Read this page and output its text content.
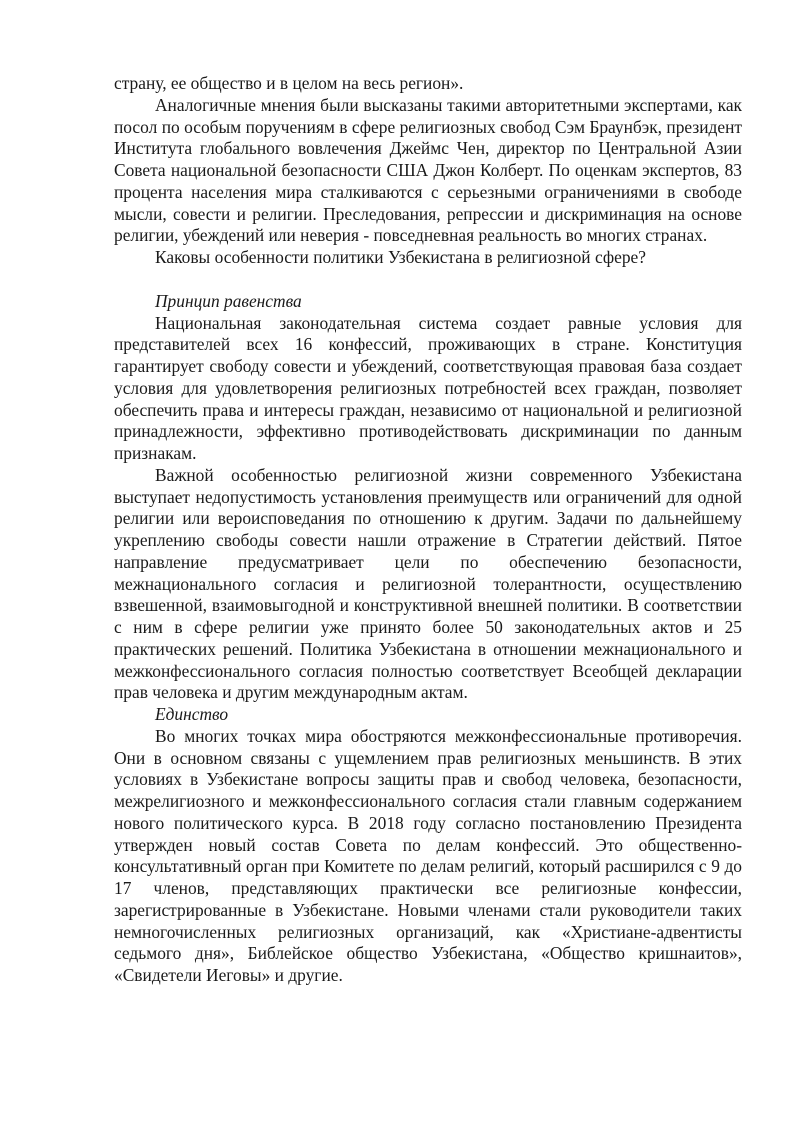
страну, ее общество и в целом на весь регион».

Аналогичные мнения были высказаны такими авторитетными экспертами, как посол по особым поручениям в сфере религиозных свобод Сэм Браунбэк, президент Института глобального вовлечения Джеймс Чен, директор по Центральной Азии Совета национальной безопасности США Джон Колберт. По оценкам экспертов, 83 процента населения мира сталкиваются с серьезными ограничениями в свободе мысли, совести и религии. Преследования, репрессии и дискриминация на основе религии, убеждений или неверия - повседневная реальность во многих странах.

Каковы особенности политики Узбекистана в религиозной сфере?

Принцип равенства

Национальная законодательная система создает равные условия для представителей всех 16 конфессий, проживающих в стране. Конституция гарантирует свободу совести и убеждений, соответствующая правовая база создает условия для удовлетворения религиозных потребностей всех граждан, позволяет обеспечить права и интересы граждан, независимо от национальной и религиозной принадлежности, эффективно противодействовать дискриминации по данным признакам.

Важной особенностью религиозной жизни современного Узбекистана выступает недопустимость установления преимуществ или ограничений для одной религии или вероисповедания по отношению к другим. Задачи по дальнейшему укреплению свободы совести нашли отражение в Стратегии действий. Пятое направление предусматривает цели по обеспечению безопасности, межнационального согласия и религиозной толерантности, осуществлению взвешенной, взаимовыгодной и конструктивной внешней политики. В соответствии с ним в сфере религии уже принято более 50 законодательных актов и 25 практических решений. Политика Узбекистана в отношении межнационального и межконфессионального согласия полностью соответствует Всеобщей декларации прав человека и другим международным актам.

Единство

Во многих точках мира обостряются межконфессиональные противоречия. Они в основном связаны с ущемлением прав религиозных меньшинств. В этих условиях в Узбекистане вопросы защиты прав и свобод человека, безопасности, межрелигиозного и межконфессионального согласия стали главным содержанием нового политического курса. В 2018 году согласно постановлению Президента утвержден новый состав Совета по делам конфессий. Это общественно-консультативный орган при Комитете по делам религий, который расширился с 9 до 17 членов, представляющих практически все религиозные конфессии, зарегистрированные в Узбекистане. Новыми членами стали руководители таких немногочисленных религиозных организаций, как «Христиане-адвентисты седьмого дня», Библейское общество Узбекистана, «Общество кришнаитов», «Свидетели Иеговы» и другие.
